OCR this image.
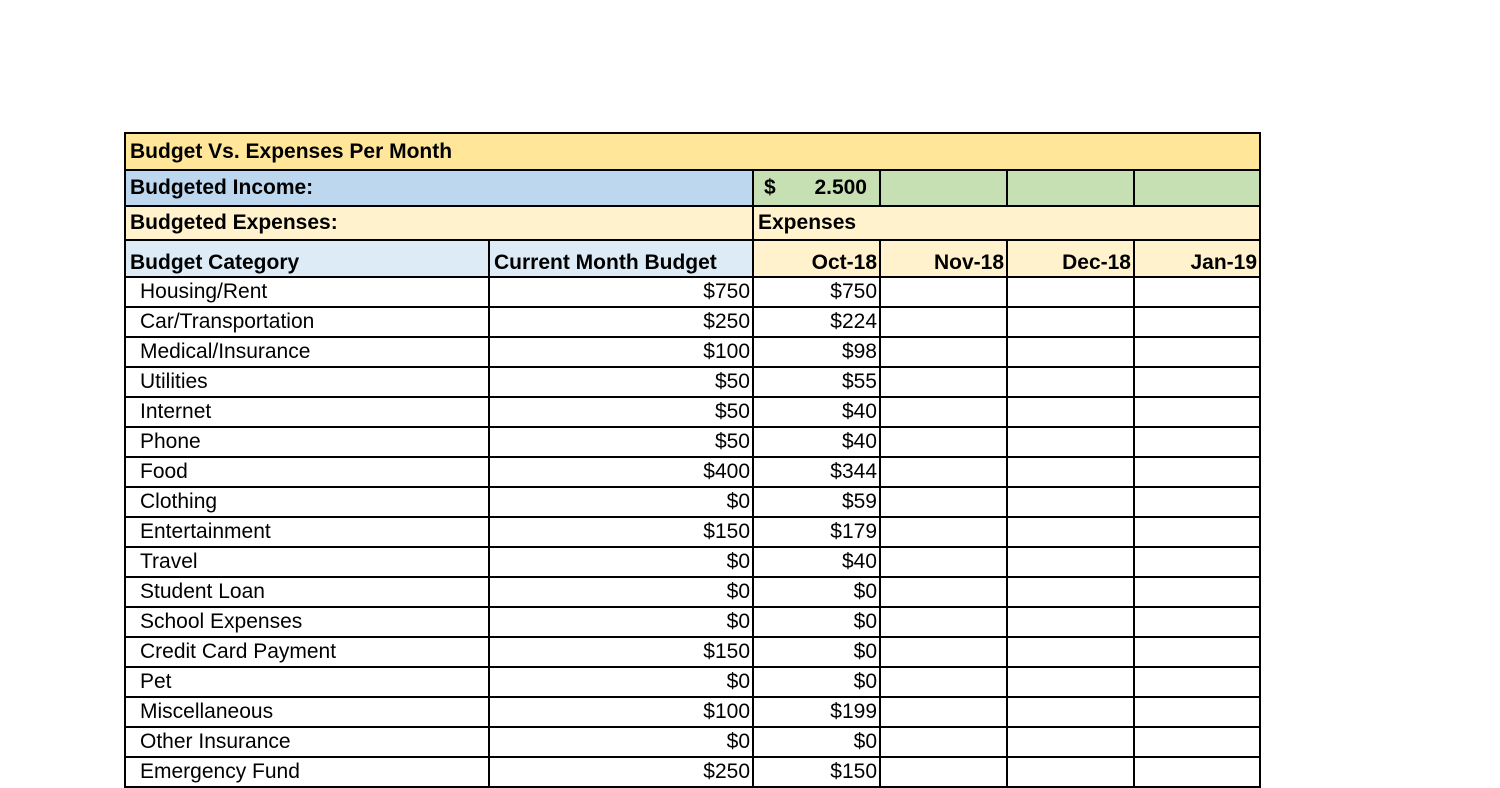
Budget Vs. Expenses Per Month					
Budgeted Income:		$ 2.500			

Budgeted Expenses:		Expenses			
Budget Category	Current Month Budget	Oct-18	Nov-18	Dec-18	Jan-19
Housing/Rent	$750	$750			
Car/Transportation	$250	$224			
Medical/Insurance	$100	$98			
Utilities	$50	$55			
Internet	$50	$40			
Phone	$50	$40			
Food	$400	$344			
Clothing	$0	$59			
Entertainment	$150	$179			
Travel	$0	$40			
Student Loan	$0	$0			
School Expenses	$0	$0			
Credit Card Payment	$150	$0			
Pet	$0	$0			
Miscellaneous	$100	$199			
Other Insurance	$0	$0			
Emergency Fund	$250	$150			
